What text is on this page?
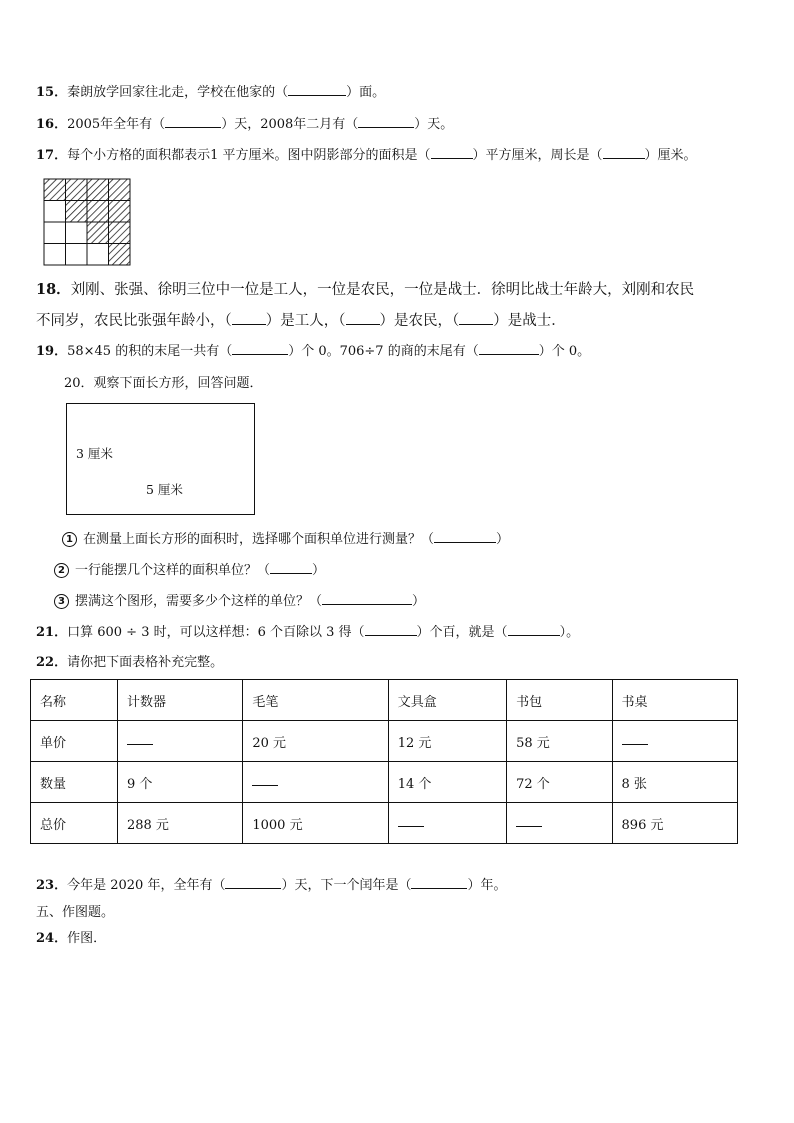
15．秦朗放学回家往北走，学校在他家的（	）面。
16．2005年全年有（	）天，2008年二月有（	）天。
17．每个小方格的面积都表示1 平方厘米。图中阴影部分的面积是（	）平方厘米，周长是（	）厘米。
18．刘刚、张强、徐明三位中一位是工人，一位是农民，一位是战士．徐明比战士年龄大，刘刚和农民
不同岁，农民比张强年龄小，（ ）是工人，（ ）是农民，（ ）是战士．
19．58×45 的积的末尾一共有（	）个 0。706÷7 的商的末尾有（	）个 0。
20．观察下面长方形，回答问题．
3 厘米
5 厘米
1 在测量上面长方形的面积时，选择哪个面积单位进行测量？（	）
2 一行能摆几个这样的面积单位？（	）
3 摆满这个图形，需要多少个这样的单位？（	）
21．口算 600 ÷ 3 时，可以这样想：6 个百除以 3 得（	）个百，就是（	）。
22．请你把下面表格补充完整。
名称	计数器	毛笔	文具盒	书包	书桌
单价		20 元	12 元	58 元	
数量	9 个		14 个	72 个	8 张
总价	288 元	1000 元			896 元
23．今年是 2020 年，全年有（	）天，下一个闰年是（	）年。
五、作图题。
24．作图．
